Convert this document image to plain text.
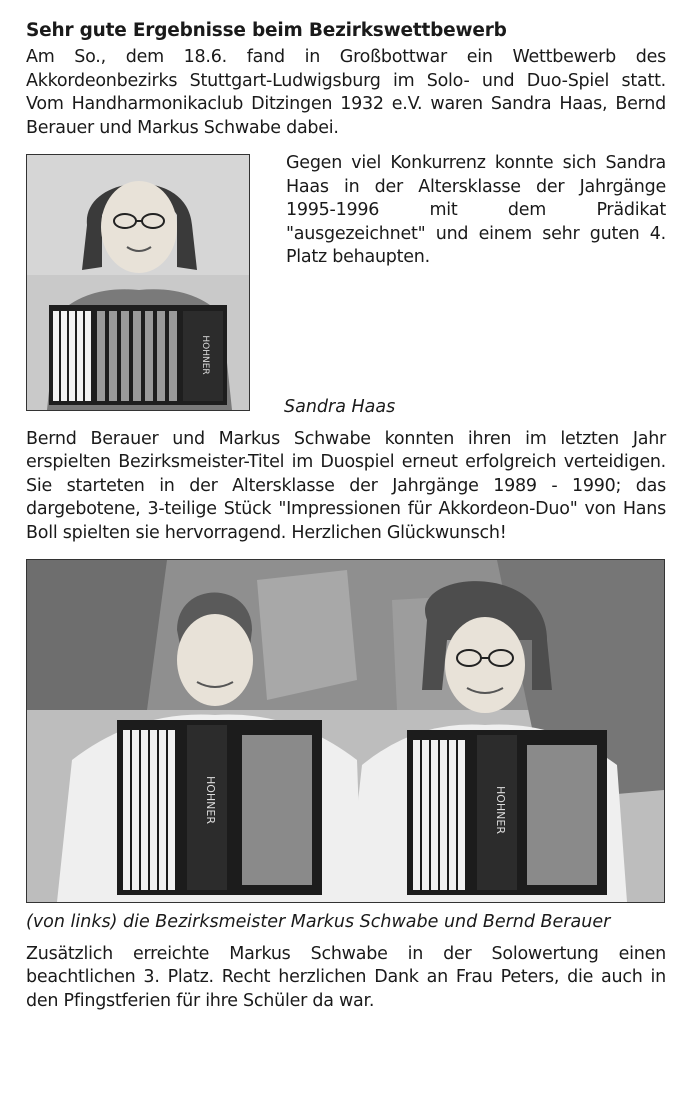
Sehr gute Ergebnisse beim Bezirkswettbewerb

Am So., dem 18.6. fand in Großbottwar ein Wettbewerb des Akkordeonbezirks Stuttgart-Ludwigsburg im Solo- und Duo-Spiel statt. Vom Handharmonikaclub Ditzingen 1932 e.V. waren Sandra Haas, Bernd Berauer und Markus Schwabe dabei.

HOHNER

Gegen viel Konkurrenz konnte sich Sandra Haas in der Altersklasse der Jahrgänge 1995-1996 mit dem Prädikat "ausgezeichnet" und einem sehr guten 4. Platz behaupten.

Sandra Haas

Bernd Berauer und Markus Schwabe konnten ihren im letzten Jahr erspielten Bezirksmeister-Titel im Duospiel erneut erfolgreich verteidigen. Sie starteten in der Altersklasse der Jahrgänge 1989 - 1990; das dargebotene, 3-teilige Stück "Impressionen für Akkordeon-Duo" von Hans Boll spielten sie hervorragend. Herzlichen Glückwunsch!

HOHNER	HOHNER

(von links) die Bezirksmeister Markus Schwabe und Bernd Berauer

Zusätzlich erreichte Markus Schwabe in der Solowertung einen beachtlichen 3. Platz. Recht herzlichen Dank an Frau Peters, die auch in den Pfingstferien für ihre Schüler da war.
